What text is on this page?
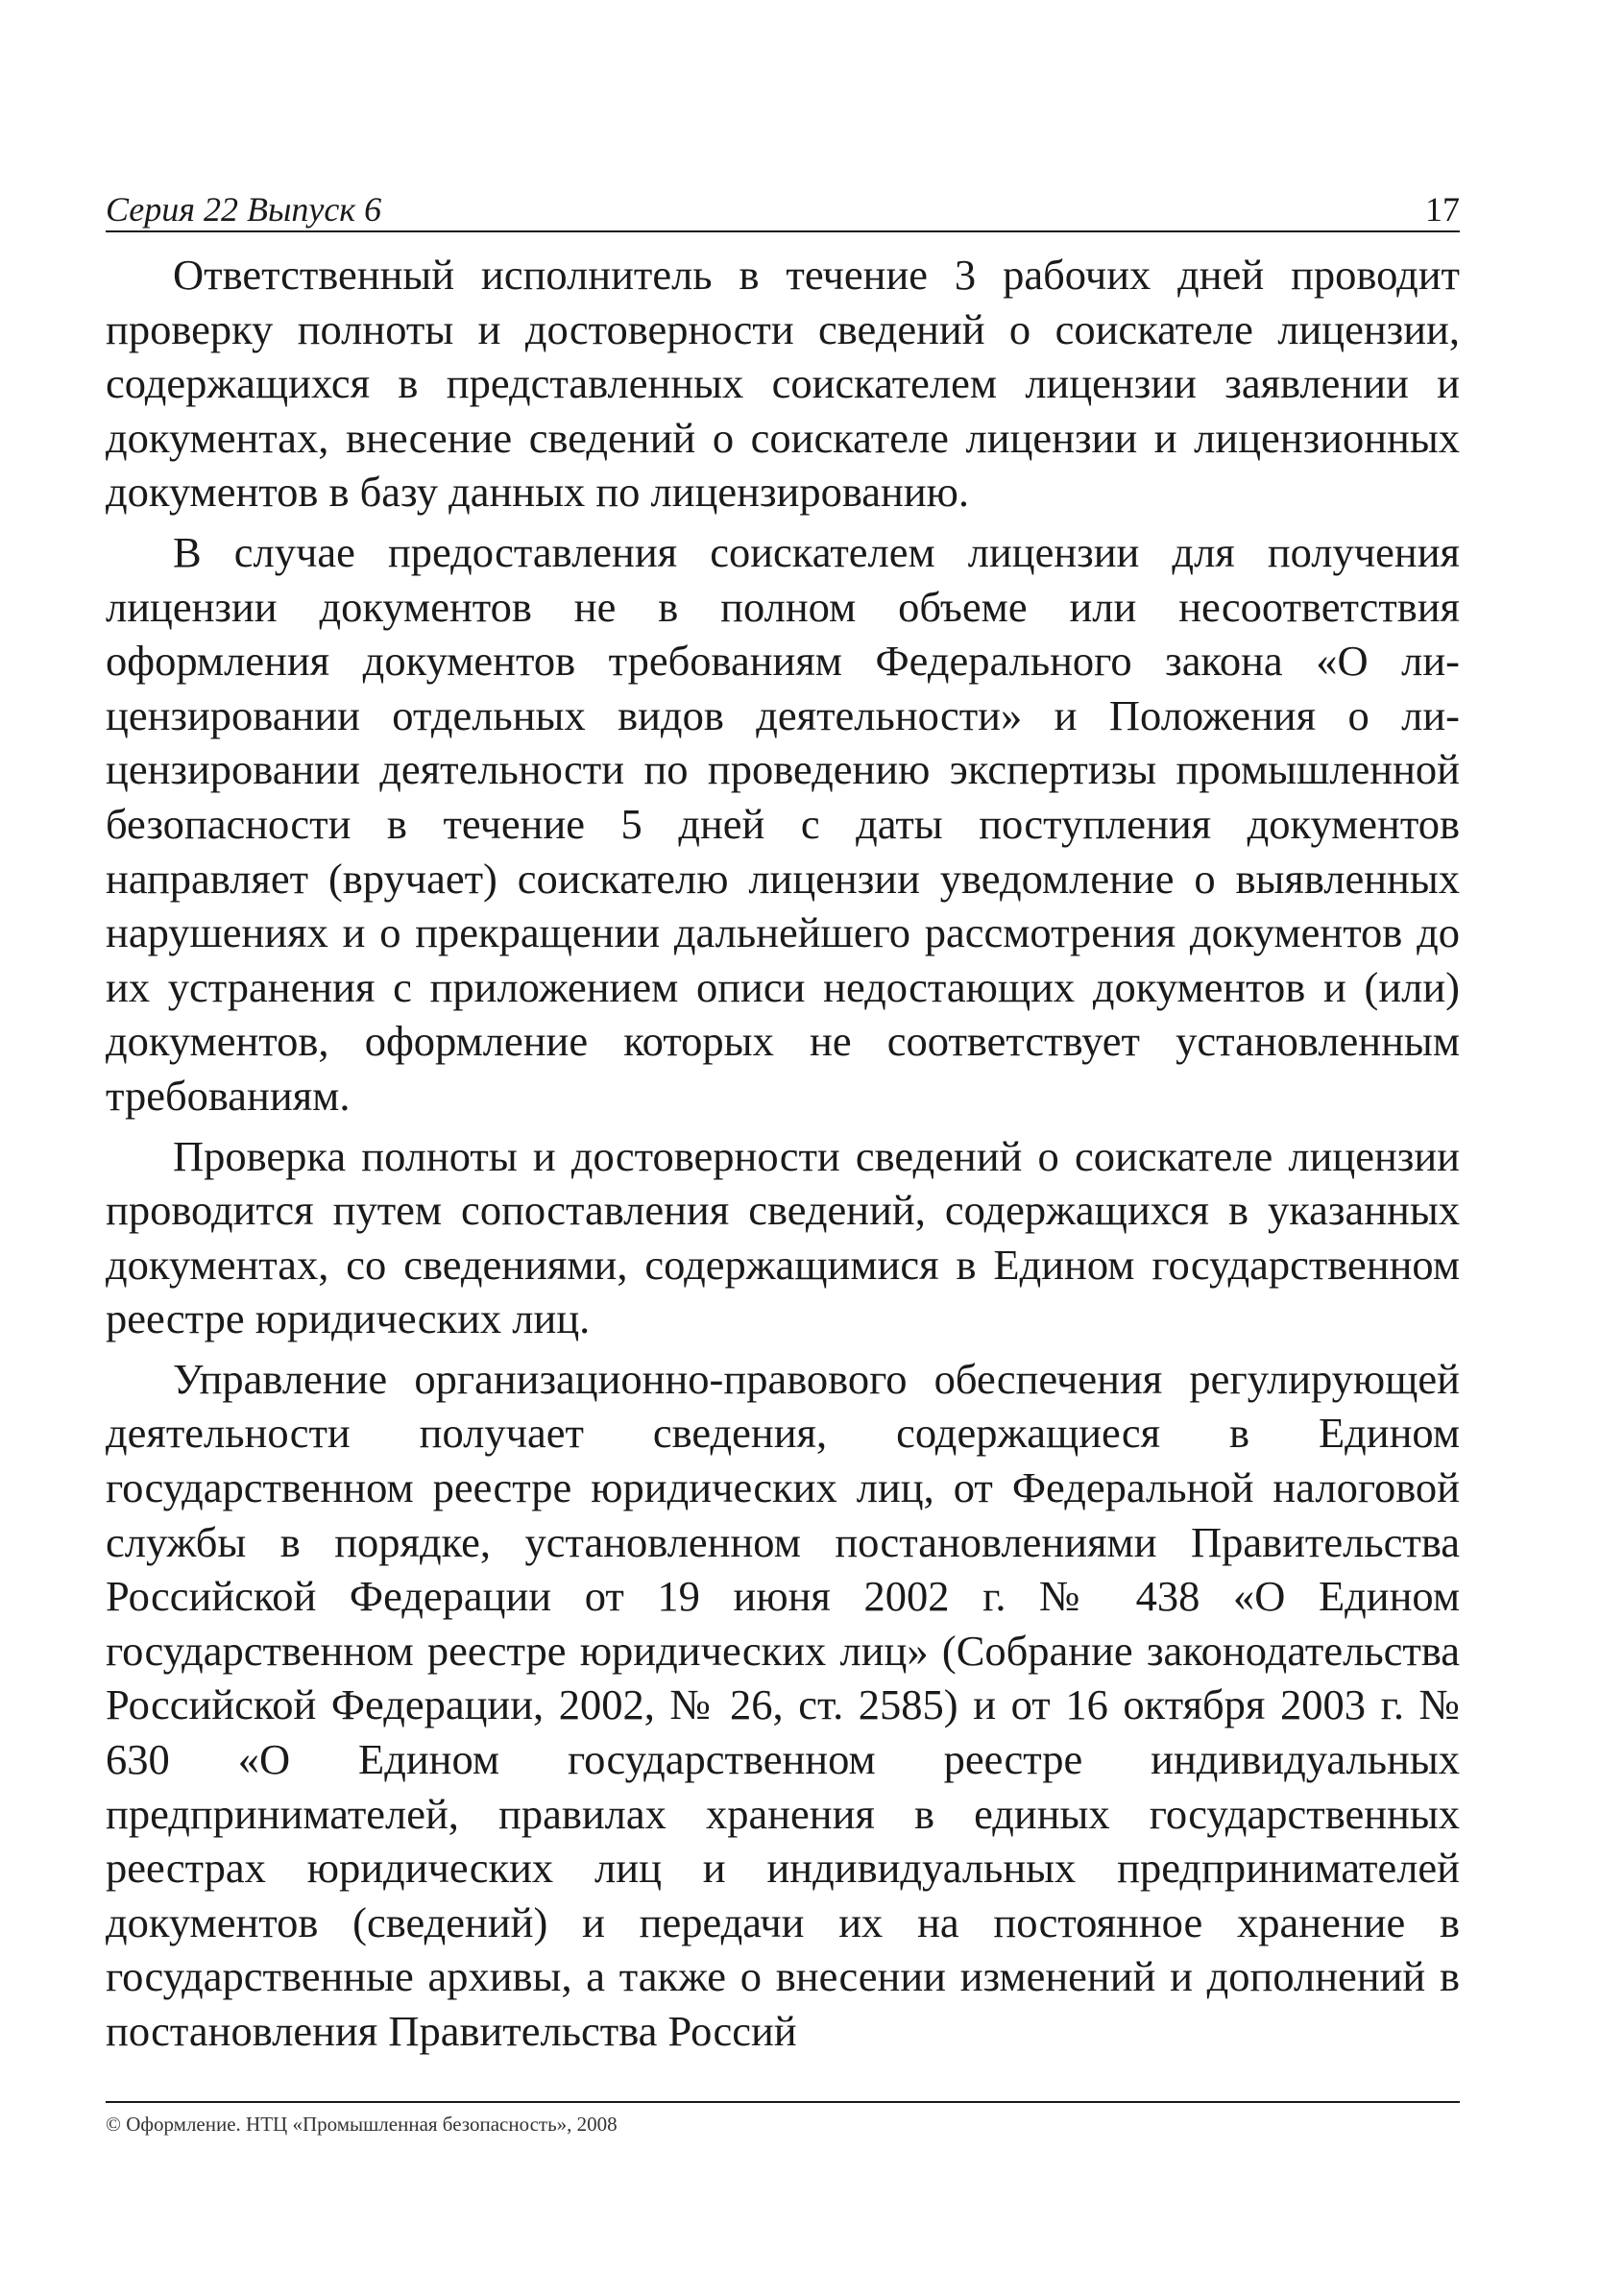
Серия 22 Выпуск 6	17

Ответственный исполнитель в течение 3 рабочих дней проводит проверку полноты и достоверности сведений о соискателе лицензии, содержащихся в представленных соискателем лицензии заявлении и документах, внесение сведений о соискателе лицензии и лицензионных документов в базу данных по лицензированию.

В случае предоставления соискателем лицензии для получения лицензии документов не в полном объеме или несоответствия оформления документов требованиям Федерального закона «О лицензировании отдельных видов деятельности» и Положения о лицензировании деятельности по проведению экспертизы промышленной безопасности в течение 5 дней с даты поступления документов направляет (вручает) соискателю лицензии уведомление о выявленных нарушениях и о прекращении дальнейшего рассмотрения документов до их устранения с приложением описи недостающих документов и (или) документов, оформление которых не соответствует установленным требованиям.

Проверка полноты и достоверности сведений о соискателе лицензии проводится путем сопоставления сведений, содержащихся в указанных документах, со сведениями, содержащимися в Едином государственном реестре юридических лиц.

Управление организационно-правового обеспечения регулирующей деятельности получает сведения, содержащиеся в Едином государственном реестре юридических лиц, от Федеральной налоговой службы в порядке, установленном постановлениями Правительства Российской Федерации от 19 июня 2002 г. № 438 «О Едином государственном реестре юридических лиц» (Собрание законодательства Российской Федерации, 2002, № 26, ст. 2585) и от 16 октября 2003 г. № 630 «О Едином государственном реестре индивидуальных предпринимателей, правилах хранения в единых государственных реестрах юридических лиц и индивидуальных предпринимателей документов (сведений) и передачи их на постоянное хранение в государственные архивы, а также о внесении изменений и дополнений в постановления Правительства Россий

© Оформление. НТЦ «Промышленная безопасность», 2008
